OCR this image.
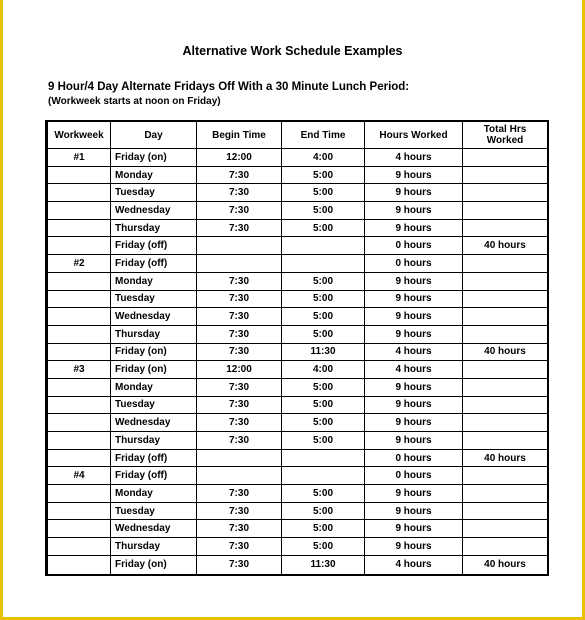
Alternative Work Schedule Examples
9 Hour/4 Day Alternate Fridays Off With a 30 Minute Lunch Period:
(Workweek starts at noon on Friday)
Workweek	Day	Begin Time	End Time	Hours Worked	Total Hrs Worked
#1	Friday (on)	12:00	4:00	4 hours	
	Monday	7:30	5:00	9 hours	
	Tuesday	7:30	5:00	9 hours	
	Wednesday	7:30	5:00	9 hours	
	Thursday	7:30	5:00	9 hours	
	Friday (off)			0 hours	40 hours
#2	Friday (off)			0 hours	
	Monday	7:30	5:00	9 hours	
	Tuesday	7:30	5:00	9 hours	
	Wednesday	7:30	5:00	9 hours	
	Thursday	7:30	5:00	9 hours	
	Friday (on)	7:30	11:30	4 hours	40 hours
#3	Friday (on)	12:00	4:00	4 hours	
	Monday	7:30	5:00	9 hours	
	Tuesday	7:30	5:00	9 hours	
	Wednesday	7:30	5:00	9 hours	
	Thursday	7:30	5:00	9 hours	
	Friday (off)			0 hours	40 hours
#4	Friday (off)			0 hours	
	Monday	7:30	5:00	9 hours	
	Tuesday	7:30	5:00	9 hours	
	Wednesday	7:30	5:00	9 hours	
	Thursday	7:30	5:00	9 hours	
	Friday (on)	7:30	11:30	4 hours	40 hours
